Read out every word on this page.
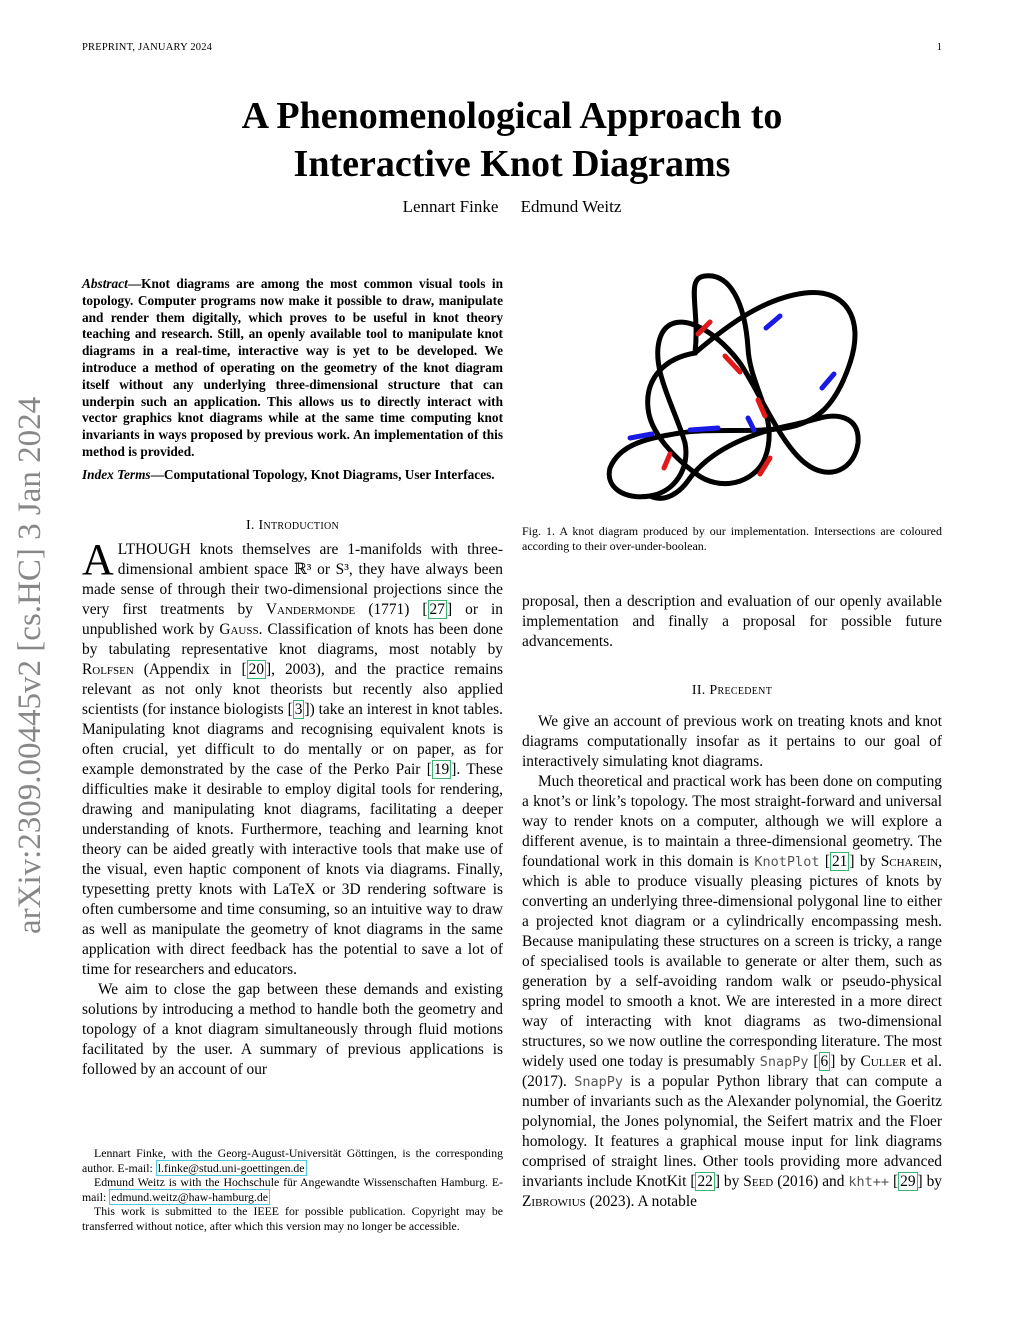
PREPRINT, JANUARY 2024	1
A Phenomenological Approach to
Interactive Knot Diagrams
Lennart Finke Edmund Weitz
arXiv:2309.00445v2 [cs.HC] 3 Jan 2024
Abstract—Knot diagrams are among the most common visual tools in topology. Computer programs now make it possible to draw, manipulate and render them digitally, which proves to be useful in knot theory teaching and research. Still, an openly available tool to manipulate knot diagrams in a real-time, interactive way is yet to be developed. We introduce a method of operating on the geometry of the knot diagram itself without any underlying three-dimensional structure that can underpin such an application. This allows us to directly interact with vector graphics knot diagrams while at the same time computing knot invariants in ways proposed by previous work. An implementation of this method is provided.
Index Terms—Computational Topology, Knot Diagrams, User Interfaces.
I. Introduction

ALTHOUGH knots themselves are 1-manifolds with three-dimensional ambient space ℝ³ or S³, they have always been made sense of through their two-dimensional projections since the very first treatments by Vandermonde (1771) [ 27 ] or in unpublished work by Gauss. Classification of knots has been done by tabulating representative knot diagrams, most notably by Rolfsen (Appendix in [ 20 ], 2003), and the practice remains relevant as not only knot theorists but recently also applied scientists (for instance biologists [ 3 ]) take an interest in knot tables. Manipulating knot diagrams and recognising equivalent knots is often crucial, yet difficult to do mentally or on paper, as for example demonstrated by the case of the Perko Pair [ 19 ]. These difficulties make it desirable to employ digital tools for rendering, drawing and manipulating knot diagrams, facilitating a deeper understanding of knots. Furthermore, teaching and learning knot theory can be aided greatly with interactive tools that make use of the visual, even haptic component of knots via diagrams. Finally, typesetting pretty knots with LaTeX or 3D rendering software is often cumbersome and time consuming, so an intuitive way to draw as well as manipulate the geometry of knot diagrams in the same application with direct feedback has the potential to save a lot of time for researchers and educators.

We aim to close the gap between these demands and existing solutions by introducing a method to handle both the geometry and topology of a knot diagram simultaneously through fluid motions facilitated by the user. A summary of previous applications is followed by an account of our

Lennart Finke, with the Georg-August-Universität Göttingen, is the corresponding author. E-mail: l.finke@stud.uni-goettingen.de

Edmund Weitz is with the Hochschule für Angewandte Wissenschaften Hamburg. E-mail: edmund.weitz@haw-hamburg.de

This work is submitted to the IEEE for possible publication. Copyright may be transferred without notice, after which this version may no longer be accessible.

Fig. 1. A knot diagram produced by our implementation. Intersections are coloured according to their over-under-boolean.

proposal, then a description and evaluation of our openly available implementation and finally a proposal for possible future advancements.

II. Precedent

We give an account of previous work on treating knots and knot diagrams computationally insofar as it pertains to our goal of interactively simulating knot diagrams.

Much theoretical and practical work has been done on computing a knot’s or link’s topology. The most straight-forward and universal way to render knots on a computer, although we will explore a different avenue, is to maintain a three-dimensional geometry. The foundational work in this domain is KnotPlot [ 21 ] by Scharein, which is able to produce visually pleasing pictures of knots by converting an underlying three-dimensional polygonal line to either a projected knot diagram or a cylindrically encompassing mesh. Because manipulating these structures on a screen is tricky, a range of specialised tools is available to generate or alter them, such as generation by a self-avoiding random walk or pseudo-physical spring model to smooth a knot. We are interested in a more direct way of interacting with knot diagrams as two-dimensional structures, so we now outline the corresponding literature. The most widely used one today is presumably SnapPy [ 6 ] by Culler et al. (2017). SnapPy is a popular Python library that can compute a number of invariants such as the Alexander polynomial, the Goeritz polynomial, the Jones polynomial, the Seifert matrix and the Floer homology. It features a graphical mouse input for link diagrams comprised of straight lines. Other tools providing more advanced invariants include KnotKit [ 22 ] by Seed (2016) and kht++ [ 29 ] by Zibrowius (2023). A notable
